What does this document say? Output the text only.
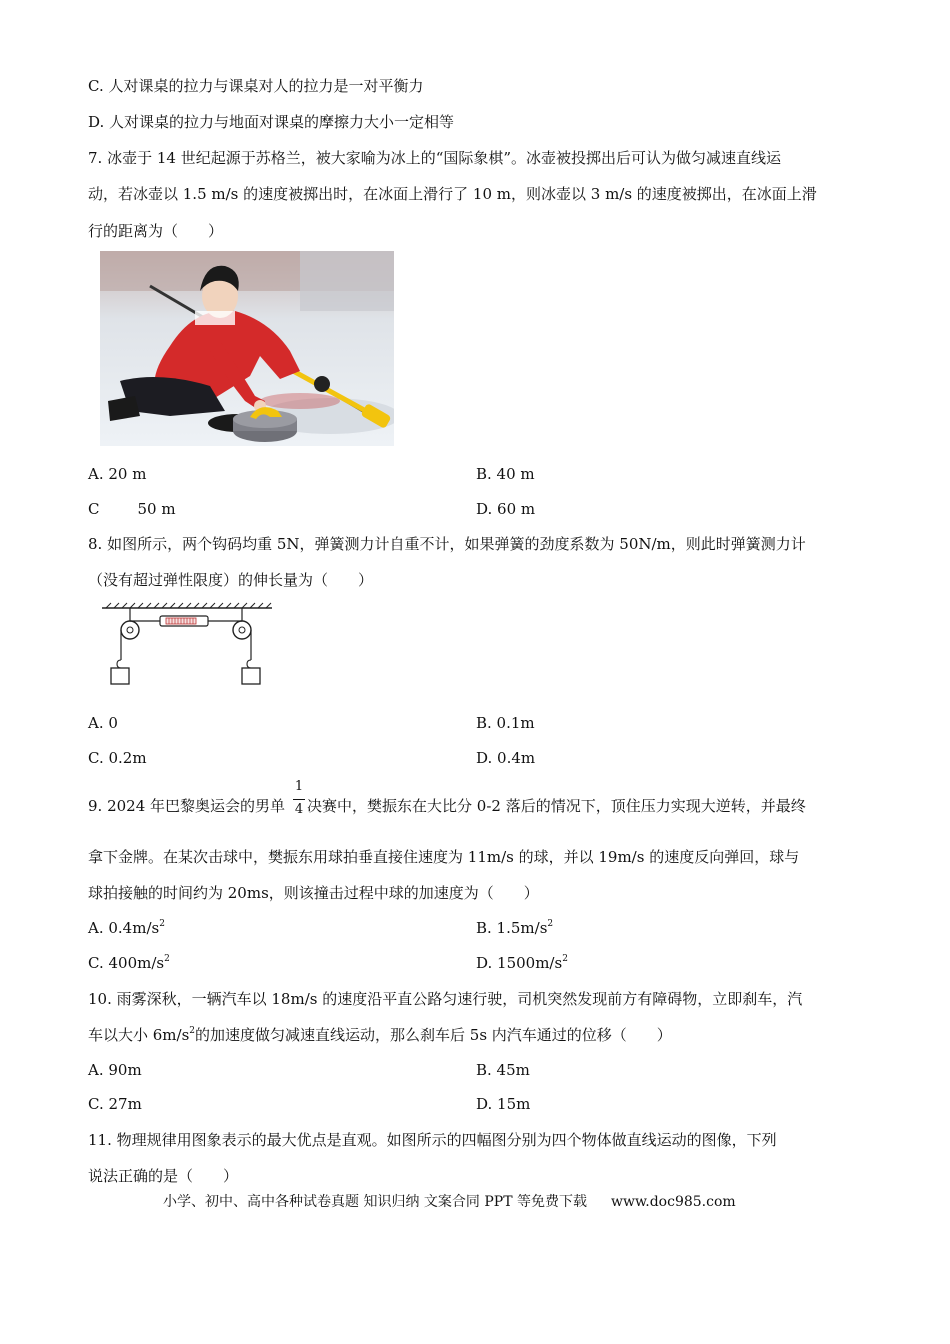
C. 人对课桌的拉力与课桌对人的拉力是一对平衡力
D. 人对课桌的拉力与地面对课桌的摩擦力大小一定相等
7. 冰壶于 14 世纪起源于苏格兰，被大家喻为冰上的“国际象棋”。冰壶被投掷出后可认为做匀减速直线运
动，若冰壶以 1.5 m/s 的速度被掷出时，在冰面上滑行了 10 m，则冰壶以 3 m/s 的速度被掷出，在冰面上滑
行的距离为（　　）
A. 20 m	B. 40 m
C	50 m	D. 60 m
8. 如图所示，两个钩码均重 5N，弹簧测力计自重不计，如果弹簧的劲度系数为 50N/m，则此时弹簧测力计
（没有超过弹性限度）的伸长量为（　　）
A. 0	B. 0.1m
C. 0.2m	D. 0.4m
9. 2024 年巴黎奥运会的男单 决赛中，樊振东在大比分 0-2 落后的情况下，顶住压力实现大逆转，并最终
1
4
拿下金牌。在某次击球中，樊振东用球拍垂直接住速度为 11m/s 的球，并以 19m/s 的速度反向弹回，球与
球拍接触的时间约为 20ms，则该撞击过程中球的加速度为（　　）
A. $0.4m/s^2$	B. $1.5m/s^2$
C. $400m/s^2$	D. $1500m/s^2$
10. 雨雾深秋，一辆汽车以 18m/s 的速度沿平直公路匀速行驶，司机突然发现前方有障碍物，立即刹车，汽
车以大小 $6m/s^2$的加速度做匀减速直线运动，那么刹车后 5s 内汽车通过的位移（　　）
A. 90m	B. 45m
C. 27m	D. 15m
11. 物理规律用图象表示的最大优点是直观。如图所示的四幅图分别为四个物体做直线运动的图像，下列
说法正确的是（　　）
小学、初中、高中各种试卷真题 知识归纳 文案合同 PPT 等免费下载 www.doc985.com
